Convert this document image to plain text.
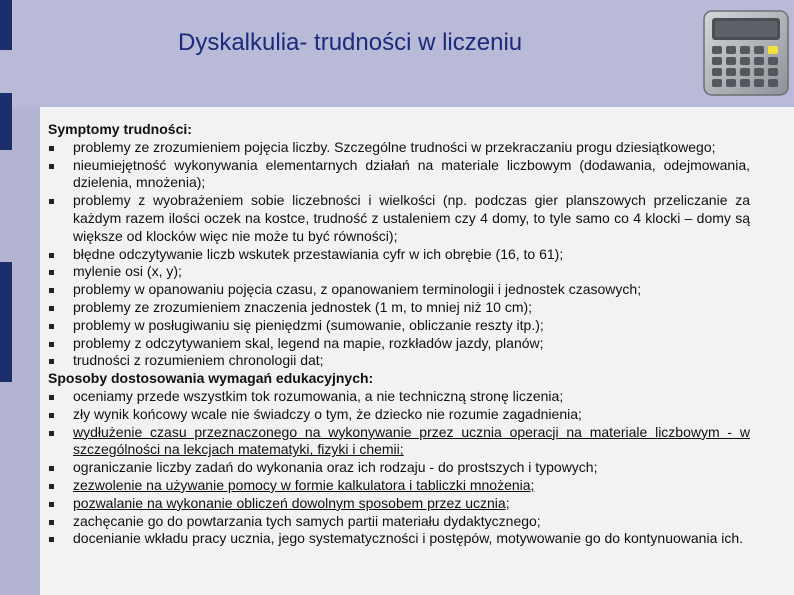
Dyskalkulia- trudności w liczeniu
Symptomy trudności:
problemy ze zrozumieniem pojęcia liczby. Szczególne trudności w przekraczaniu progu dziesiątkowego;
nieumiejętność wykonywania elementarnych działań na materiale liczbowym (dodawania, odejmowania, dzielenia, mnożenia);
problemy z wyobrażeniem sobie liczebności i wielkości (np. podczas gier planszowych przeliczanie za każdym razem ilości oczek na kostce, trudność z ustaleniem czy 4 domy, to tyle samo co 4 klocki – domy są większe od klocków więc nie może tu być równości);
błędne odczytywanie liczb wskutek przestawiania cyfr w ich obrębie (16, to 61);
mylenie osi (x, y);
problemy w opanowaniu pojęcia czasu, z opanowaniem terminologii i jednostek czasowych;
problemy ze zrozumieniem znaczenia jednostek (1 m, to mniej niż 10 cm);
problemy w posługiwaniu się pieniędzmi (sumowanie, obliczanie reszty itp.);
problemy z odczytywaniem skal, legend na mapie, rozkładów jazdy, planów;
trudności z rozumieniem chronologii dat;
Sposoby dostosowania wymagań edukacyjnych:
oceniamy przede wszystkim tok rozumowania, a nie techniczną stronę liczenia;
zły wynik końcowy wcale nie świadczy o tym, że dziecko nie rozumie zagadnienia;
wydłużenie czasu przeznaczonego na wykonywanie przez ucznia operacji na materiale liczbowym - w szczególności na lekcjach matematyki, fizyki i chemii;
ograniczanie liczby zadań do wykonania oraz ich rodzaju - do prostszych i typowych;
zezwolenie na używanie pomocy w formie kalkulatora i tabliczki mnożenia;
pozwalanie na wykonanie obliczeń dowolnym sposobem przez ucznia;
zachęcanie go do powtarzania tych samych partii materiału dydaktycznego;
docenianie wkładu pracy ucznia, jego systematyczności i postępów, motywowanie go do kontynuowania ich.
